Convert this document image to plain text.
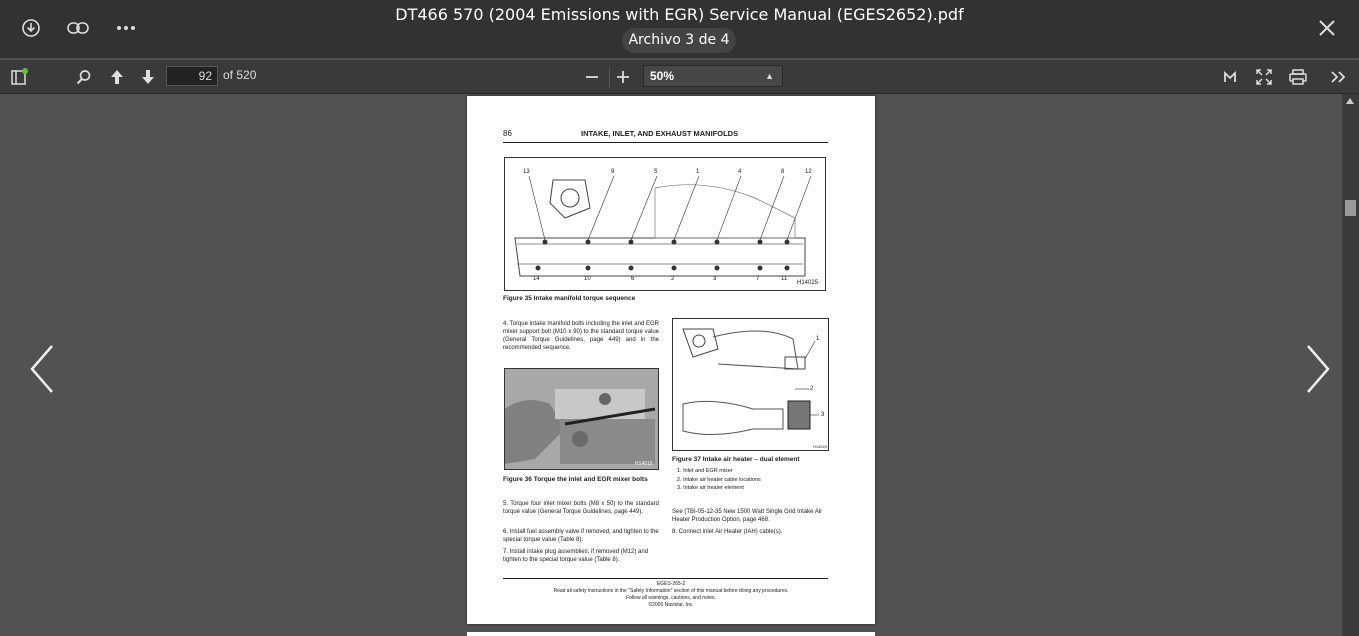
DT466 570 (2004 Emissions with EGR) Service Manual (EGES2652).pdf
Archivo 3 de 4
92 of 520	50%	▲

86	INTAKE, INLET, AND EXHAUST MANIFOLDS
13	9	5	1	4	8	12
14	10	6	2	3	7	11
H14025
Figure 35 Intake manifold torque sequence
4. Torque intake manifold bolts including the inlet and EGR mixer support bolt (M10 x 90) to the standard torque value (General Torque Guidelines, page 449) and in the recommended sequence.
H14019
Figure 36 Torque the inlet and EGR mixer bolts
1
2
3
H14023
Figure 37 Intake air heater – dual element
1. Inlet and EGR mixer
2. Intake air heater cable locations
3. Intake air heater element
5. Torque four inlet mixer bolts (M8 x 50) to the standard torque value (General Torque Guidelines, page 449).
6. Install fuel assembly valve if removed, and tighten to the special torque value (Table 8).
7. Install intake plug assemblies, if removed (M12) and tighten to the special torque value (Table 8).
See (TBI-05-12-35 New 1500 Watt Single Grid Intake Air Heater Production Option, page 468.
8. Connect inlet Air Heater (IAH) cable(s).
EGES-265-2
Read all safety instructions in the "Safety Information" section of this manual before doing any procedures.
Follow all warnings, cautions, and notes.
©2005 Navistar, Inc.
